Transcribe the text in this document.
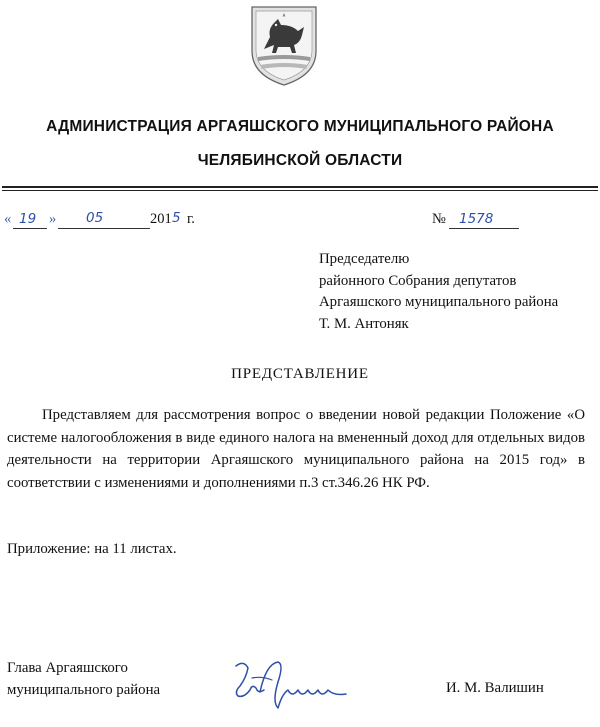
АДМИНИСТРАЦИЯ АРГАЯШСКОГО МУНИЦИПАЛЬНОГО РАЙОНА
ЧЕЛЯБИНСКОЙ ОБЛАСТИ
« 19 » 05	201 5 г.	№ 1578
Председателю
районного Собрания депутатов
Аргаяшского муниципального района
Т. М. Антоняк
ПРЕДСТАВЛЕНИЕ
Представляем для рассмотрения вопрос о введении новой редакции Положение «О системе налогообложения в виде единого налога на вмененный доход для отдельных видов деятельности на территории Аргаяшского муниципального района на 2015 год» в соответствии с изменениями и дополнениями п.3 ст.346.26 НК РФ.
Приложение: на 11 листах.
Глава Аргаяшского
муниципального района	И. М. Валишин
